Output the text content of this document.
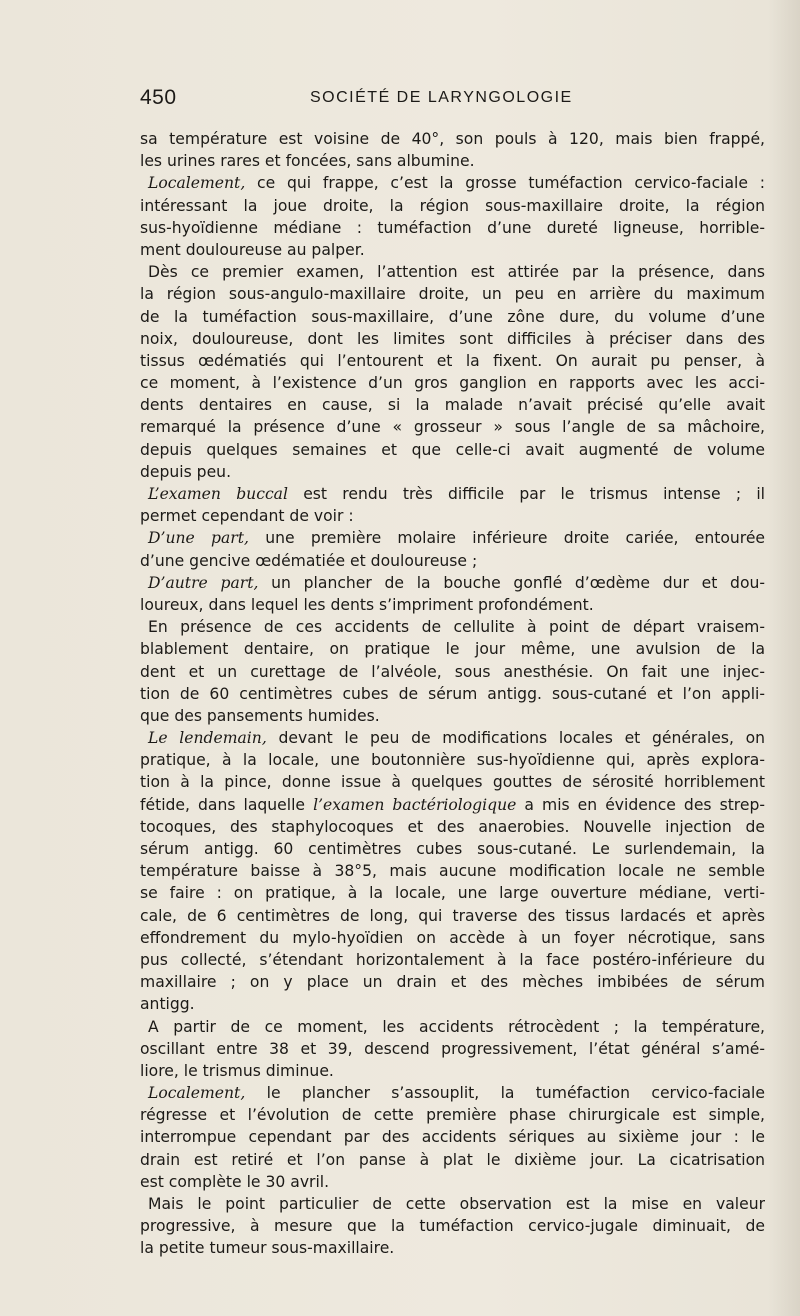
450	SOCIÉTÉ DE LARYNGOLOGIE
sa température est voisine de 40°, son pouls à 120, mais bien frappé,
les urines rares et foncées, sans albumine.
Localement, ce qui frappe, c’est la grosse tuméfaction cervico-faciale :
intéressant la joue droite, la région sous-maxillaire droite, la région
sus-hyoïdienne médiane : tuméfaction d’une dureté ligneuse, horrible-
ment douloureuse au palper.
Dès ce premier examen, l’attention est attirée par la présence, dans
la région sous-angulo-maxillaire droite, un peu en arrière du maximum
de la tuméfaction sous-maxillaire, d’une zône dure, du volume d’une
noix, douloureuse, dont les limites sont difficiles à préciser dans des
tissus œdématiés qui l’entourent et la fixent. On aurait pu penser, à
ce moment, à l’existence d’un gros ganglion en rapports avec les acci-
dents dentaires en cause, si la malade n’avait précisé qu’elle avait
remarqué la présence d’une « grosseur » sous l’angle de sa mâchoire,
depuis quelques semaines et que celle-ci avait augmenté de volume
depuis peu.
L’examen buccal est rendu très difficile par le trismus intense ; il
permet cependant de voir :
D’une part, une première molaire inférieure droite cariée, entourée
d’une gencive œdématiée et douloureuse ;
D’autre part, un plancher de la bouche gonflé d’œdème dur et dou-
loureux, dans lequel les dents s’impriment profondément.
En présence de ces accidents de cellulite à point de départ vraisem-
blablement dentaire, on pratique le jour même, une avulsion de la
dent et un curettage de l’alvéole, sous anesthésie. On fait une injec-
tion de 60 centimètres cubes de sérum antigg. sous-cutané et l’on appli-
que des pansements humides.
Le lendemain, devant le peu de modifications locales et générales, on
pratique, à la locale, une boutonnière sus-hyoïdienne qui, après explora-
tion à la pince, donne issue à quelques gouttes de sérosité horriblement
fétide, dans laquelle l’examen bactériologique a mis en évidence des strep-
tocoques, des staphylocoques et des anaerobies. Nouvelle injection de
sérum antigg. 60 centimètres cubes sous-cutané. Le surlendemain, la
température baisse à 38°5, mais aucune modification locale ne semble
se faire : on pratique, à la locale, une large ouverture médiane, verti-
cale, de 6 centimètres de long, qui traverse des tissus lardacés et après
effondrement du mylo-hyoïdien on accède à un foyer nécrotique, sans
pus collecté, s’étendant horizontalement à la face postéro-inférieure du
maxillaire ; on y place un drain et des mèches imbibées de sérum
antigg.
A partir de ce moment, les accidents rétrocèdent ; la température,
oscillant entre 38 et 39, descend progressivement, l’état général s’amé-
liore, le trismus diminue.
Localement, le plancher s’assouplit, la tuméfaction cervico-faciale
régresse et l’évolution de cette première phase chirurgicale est simple,
interrompue cependant par des accidents sériques au sixième jour : le
drain est retiré et l’on panse à plat le dixième jour. La cicatrisation
est complète le 30 avril.
Mais le point particulier de cette observation est la mise en valeur
progressive, à mesure que la tuméfaction cervico-jugale diminuait, de
la petite tumeur sous-maxillaire.
